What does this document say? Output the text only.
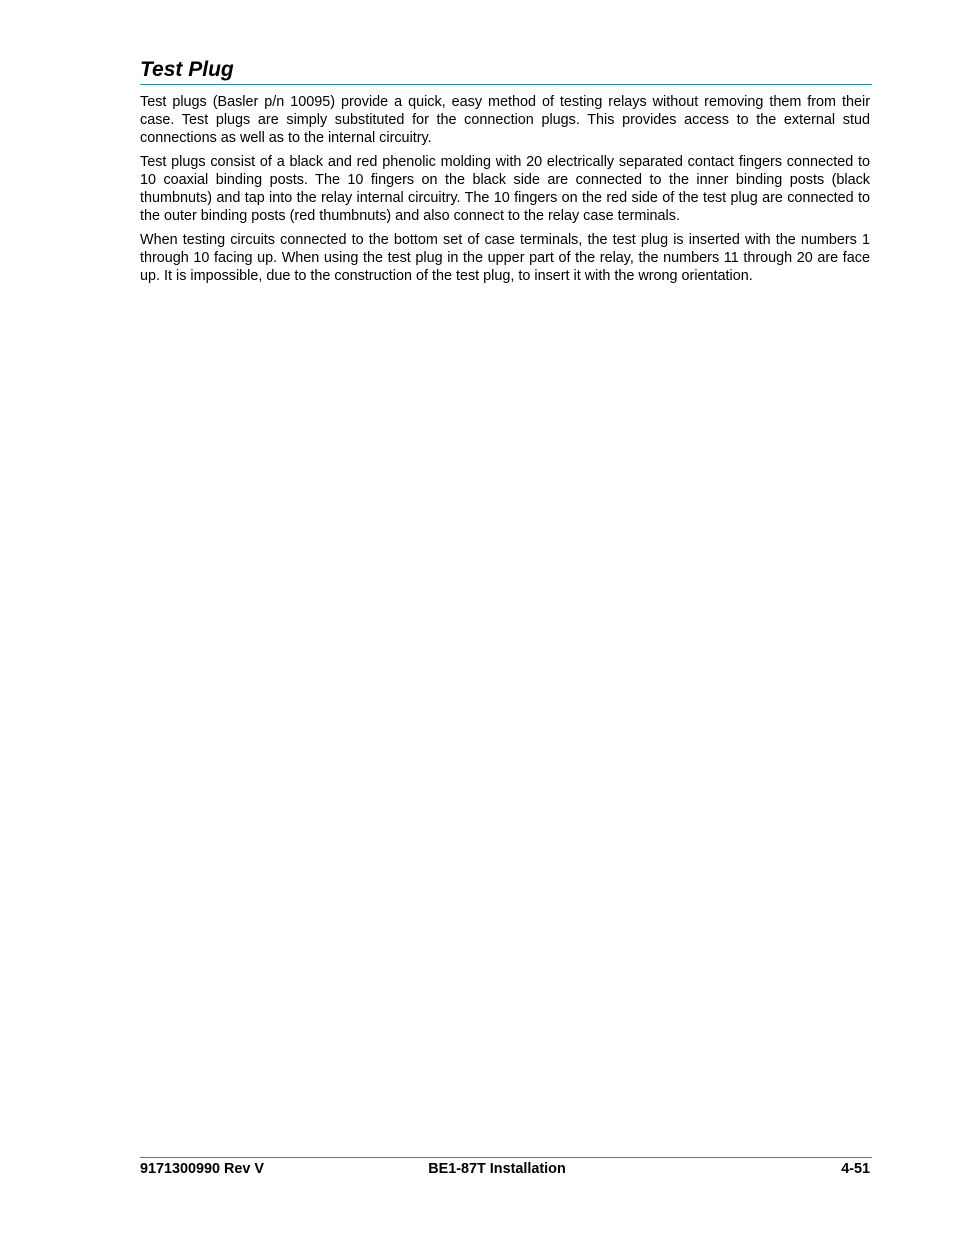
Test Plug

Test plugs (Basler p/n 10095) provide a quick, easy method of testing relays without removing them from their case. Test plugs are simply substituted for the connection plugs. This provides access to the external stud connections as well as to the internal circuitry.

Test plugs consist of a black and red phenolic molding with 20 electrically separated contact fingers connected to 10 coaxial binding posts. The 10 fingers on the black side are connected to the inner binding posts (black thumbnuts) and tap into the relay internal circuitry. The 10 fingers on the red side of the test plug are connected to the outer binding posts (red thumbnuts) and also connect to the relay case terminals.

When testing circuits connected to the bottom set of case terminals, the test plug is inserted with the numbers 1 through 10 facing up. When using the test plug in the upper part of the relay, the numbers 11 through 20 are face up. It is impossible, due to the construction of the test plug, to insert it with the wrong orientation.

9171300990 Rev V	BE1-87T Installation	4-51
